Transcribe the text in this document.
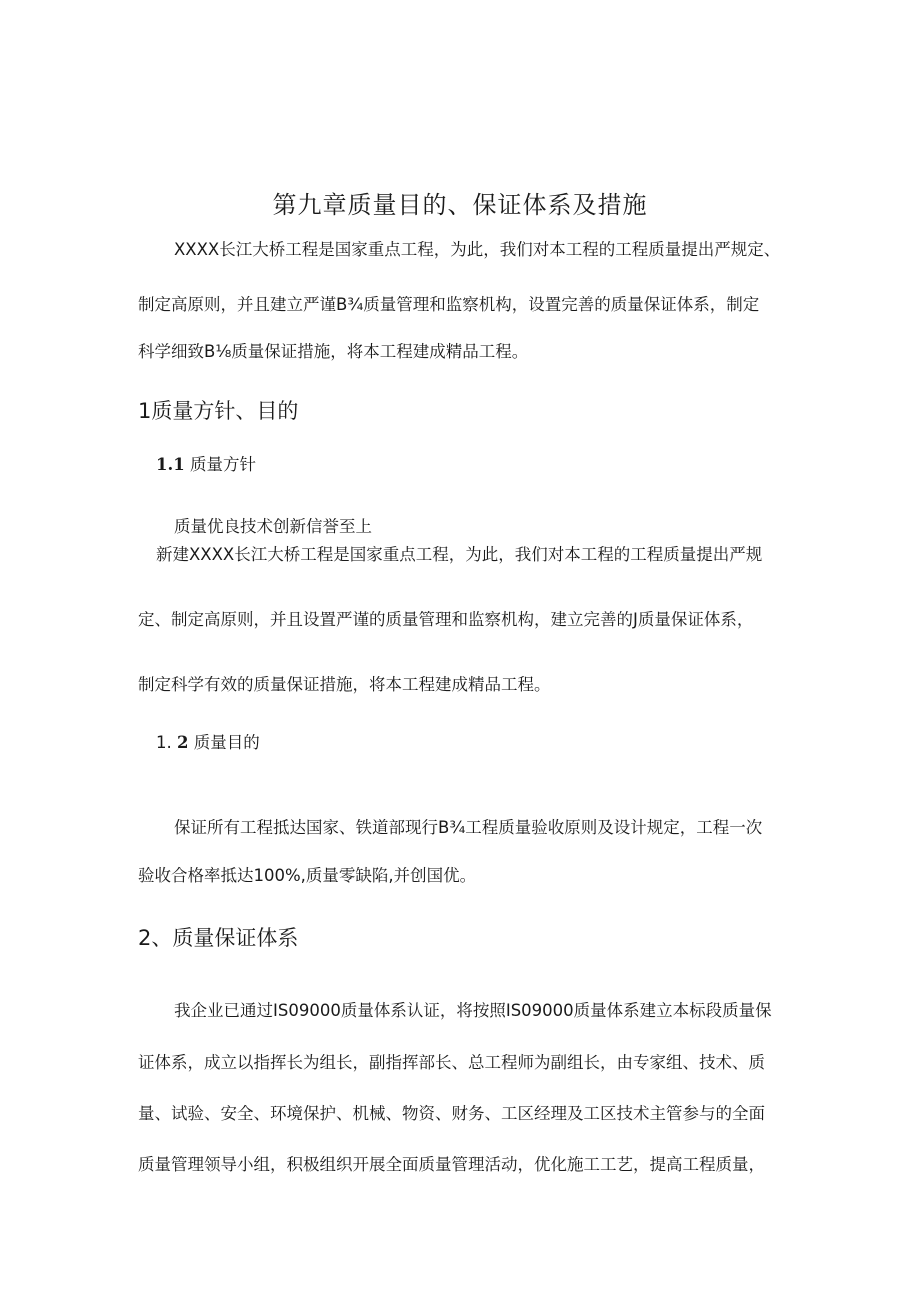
第九章质量目的、保证体系及措施

XXXX长江大桥工程是国家重点工程，为此，我们对本工程的工程质量提出严规定、

制定高原则，并且建立严谨B¾质量管理和监察机构，设置完善的质量保证体系，制定

科学细致B⅛质量保证措施，将本工程建成精品工程。

1质量方针、目的
1.1 质量方针

质量优良技术创新信誉至上

新建XXXX长江大桥工程是国家重点工程，为此，我们对本工程的工程质量提出严规

定、制定高原则，并且设置严谨的质量管理和监察机构，建立完善的J质量保证体系，

制定科学有效的质量保证措施，将本工程建成精品工程。

1. 2 质量目的

保证所有工程抵达国家、铁道部现行B¾工程质量验收原则及设计规定，工程一次

验收合格率抵达100%,质量零缺陷,并创国优。

2、质量保证体系

我企业已通过IS09000质量体系认证，将按照IS09000质量体系建立本标段质量保

证体系，成立以指挥长为组长，副指挥部长、总工程师为副组长，由专家组、技术、质

量、试验、安全、环境保护、机械、物资、财务、工区经理及工区技术主管参与的全面

质量管理领导小组，积极组织开展全面质量管理活动，优化施工工艺，提高工程质量，
